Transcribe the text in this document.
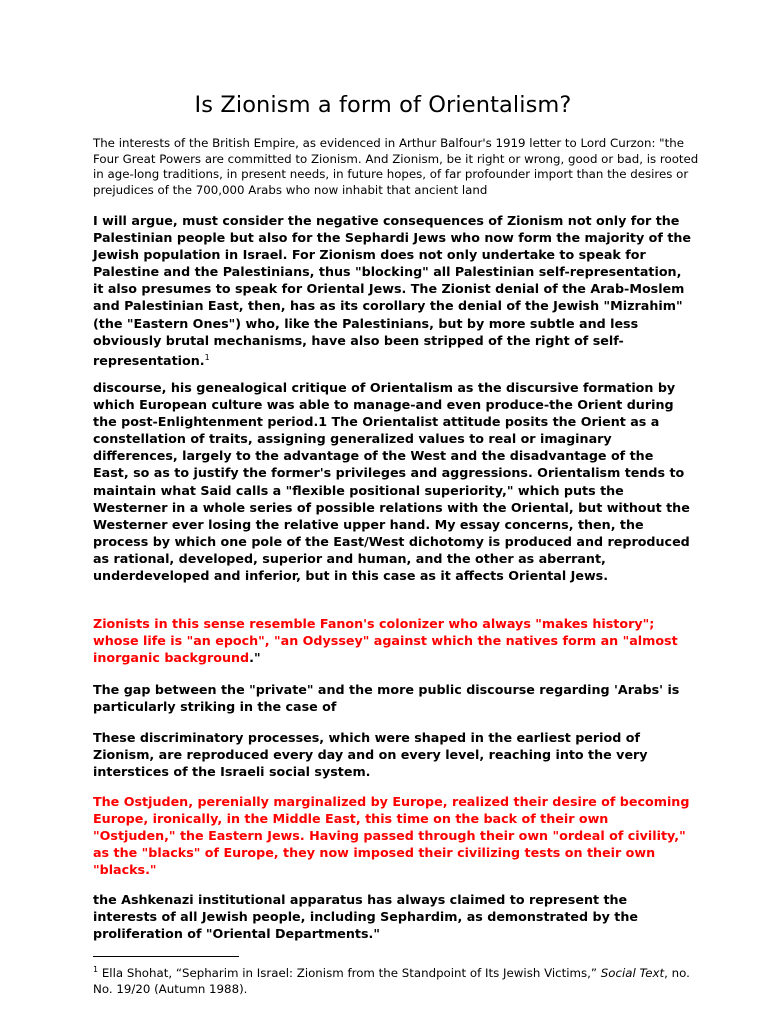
Is Zionism a form of Orientalism?

The interests of the British Empire, as evidenced in Arthur Balfour's 1919 letter to Lord Curzon: "the Four Great Powers are committed to Zionism. And Zionism, be it right or wrong, good or bad, is rooted in age-long traditions, in present needs, in future hopes, of far profounder import than the desires or prejudices of the 700,000 Arabs who now inhabit that ancient land

I will argue, must consider the negative consequences of Zionism not only for the Palestinian people but also for the Sephardi Jews who now form the majority of the Jewish population in Israel. For Zionism does not only undertake to speak for Palestine and the Palestinians, thus "blocking" all Palestinian self-representation, it also presumes to speak for Oriental Jews. The Zionist denial of the Arab-Moslem and Palestinian East, then, has as its corollary the denial of the Jewish "Mizrahim" (the "Eastern Ones") who, like the Palestinians, but by more subtle and less obviously brutal mechanisms, have also been stripped of the right of self-representation.$^1$

discourse, his genealogical critique of Orientalism as the discursive formation by which European culture was able to manage-and even produce-the Orient during the post-Enlightenment period.1 The Orientalist attitude posits the Orient as a constellation of traits, assigning generalized values to real or imaginary differences, largely to the advantage of the West and the disadvantage of the East, so as to justify the former's privileges and aggressions. Orientalism tends to maintain what Said calls a "flexible positional superiority," which puts the Westerner in a whole series of possible relations with the Oriental, but without the Westerner ever losing the relative upper hand. My essay concerns, then, the process by which one pole of the East/West dichotomy is produced and reproduced as rational, developed, superior and human, and the other as aberrant, underdeveloped and inferior, but in this case as it affects Oriental Jews.

Zionists in this sense resemble Fanon's colonizer who always "makes history"; whose life is "an epoch", "an Odyssey" against which the natives form an "almost inorganic background."

The gap between the "private" and the more public discourse regarding 'Arabs' is particularly striking in the case of

These discriminatory processes, which were shaped in the earliest period of Zionism, are reproduced every day and on every level, reaching into the very interstices of the Israeli social system.

The Ostjuden, perenially marginalized by Europe, realized their desire of becoming Europe, ironically, in the Middle East, this time on the back of their own "Ostjuden," the Eastern Jews. Having passed through their own "ordeal of civility," as the "blacks" of Europe, they now imposed their civilizing tests on their own "blacks."

the Ashkenazi institutional apparatus has always claimed to represent the interests of all Jewish people, including Sephardim, as demonstrated by the proliferation of "Oriental Departments."

$^1$ Ella Shohat, “Sepharim in Israel: Zionism from the Standpoint of Its Jewish Victims,” Social Text, no. No. 19/20 (Autumn 1988).
